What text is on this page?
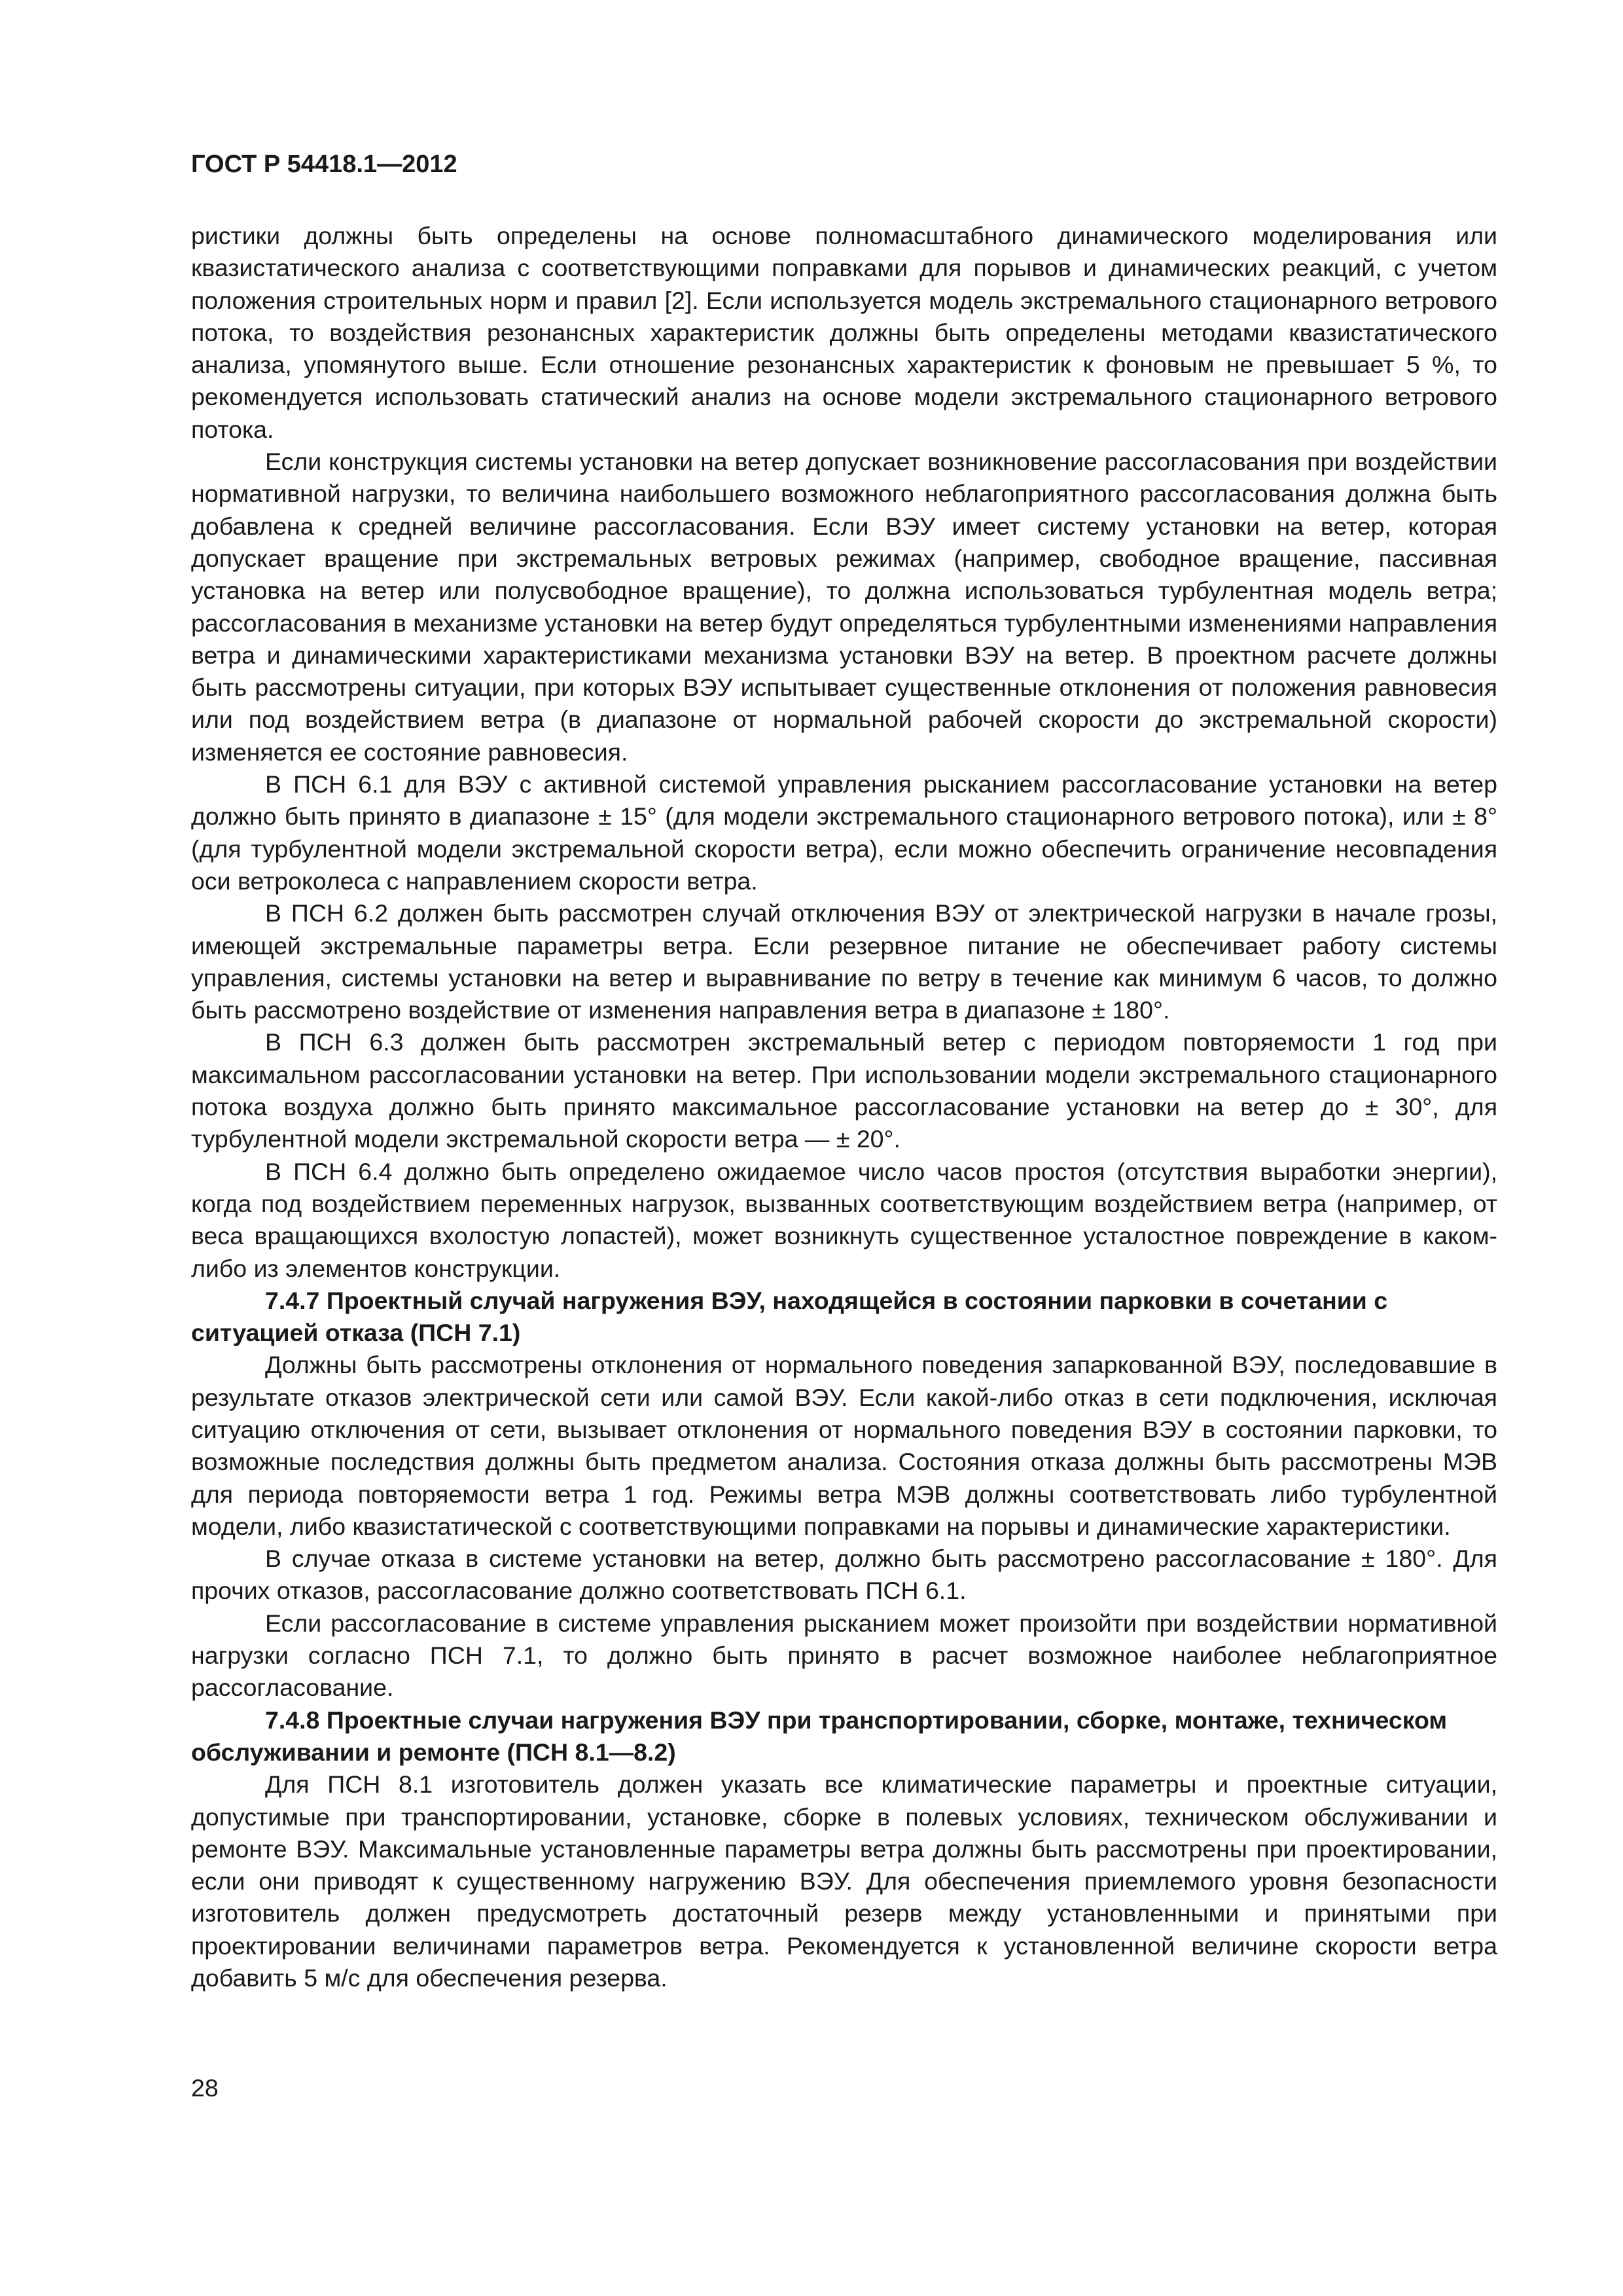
ГОСТ Р 54418.1—2012

ристики должны быть определены на основе полномасштабного динамического моделирования или квазистатического анализа с соответствующими поправками для порывов и динамических реакций, с учетом положения строительных норм и правил [2]. Если используется модель экстремального стационарного ветрового потока, то воздействия резонансных характеристик должны быть определены методами квазистатического анализа, упомянутого выше. Если отношение резонансных характеристик к фоновым не превышает 5 %, то рекомендуется использовать статический анализ на основе модели экстремального стационарного ветрового потока.

Если конструкция системы установки на ветер допускает возникновение рассогласования при воздействии нормативной нагрузки, то величина наибольшего возможного неблагоприятного рассогласования должна быть добавлена к средней величине рассогласования. Если ВЭУ имеет систему установки на ветер, которая допускает вращение при экстремальных ветровых режимах (например, свободное вращение, пассивная установка на ветер или полусвободное вращение), то должна использоваться турбулентная модель ветра; рассогласования в механизме установки на ветер будут определяться турбулентными изменениями направления ветра и динамическими характеристиками механизма установки ВЭУ на ветер. В проектном расчете должны быть рассмотрены ситуации, при которых ВЭУ испытывает существенные отклонения от положения равновесия или под воздействием ветра (в диапазоне от нормальной рабочей скорости до экстремальной скорости) изменяется ее состояние равновесия.

В ПСН 6.1 для ВЭУ с активной системой управления рысканием рассогласование установки на ветер должно быть принято в диапазоне ± 15° (для модели экстремального стационарного ветрового потока), или ± 8° (для турбулентной модели экстремальной скорости ветра), если можно обеспечить ограничение несовпадения оси ветроколеса с направлением скорости ветра.

В ПСН 6.2 должен быть рассмотрен случай отключения ВЭУ от электрической нагрузки в начале грозы, имеющей экстремальные параметры ветра. Если резервное питание не обеспечивает работу системы управления, системы установки на ветер и выравнивание по ветру в течение как минимум 6 часов, то должно быть рассмотрено воздействие от изменения направления ветра в диапазоне ± 180°.

В ПСН 6.3 должен быть рассмотрен экстремальный ветер с периодом повторяемости 1 год при максимальном рассогласовании установки на ветер. При использовании модели экстремального стационарного потока воздуха должно быть принято максимальное рассогласование установки на ветер до ± 30°, для турбулентной модели экстремальной скорости ветра — ± 20°.

В ПСН 6.4 должно быть определено ожидаемое число часов простоя (отсутствия выработки энергии), когда под воздействием переменных нагрузок, вызванных соответствующим воздействием ветра (например, от веса вращающихся вхолостую лопастей), может возникнуть существенное усталостное повреждение в каком-либо из элементов конструкции.

7.4.7 Проектный случай нагружения ВЭУ, находящейся в состоянии парковки в сочетании с ситуацией отказа (ПСН 7.1)

Должны быть рассмотрены отклонения от нормального поведения запаркованной ВЭУ, последовавшие в результате отказов электрической сети или самой ВЭУ. Если какой-либо отказ в сети подключения, исключая ситуацию отключения от сети, вызывает отклонения от нормального поведения ВЭУ в состоянии парковки, то возможные последствия должны быть предметом анализа. Состояния отказа должны быть рассмотрены МЭВ для периода повторяемости ветра 1 год. Режимы ветра МЭВ должны соответствовать либо турбулентной модели, либо квазистатической с соответствующими поправками на порывы и динамические характеристики.

В случае отказа в системе установки на ветер, должно быть рассмотрено рассогласование ± 180°. Для прочих отказов, рассогласование должно соответствовать ПСН 6.1.

Если рассогласование в системе управления рысканием может произойти при воздействии нормативной нагрузки согласно ПСН 7.1, то должно быть принято в расчет возможное наиболее неблагоприятное рассогласование.

7.4.8 Проектные случаи нагружения ВЭУ при транспортировании, сборке, монтаже, техническом обслуживании и ремонте (ПСН 8.1—8.2)

Для ПСН 8.1 изготовитель должен указать все климатические параметры и проектные ситуации, допустимые при транспортировании, установке, сборке в полевых условиях, техническом обслуживании и ремонте ВЭУ. Максимальные установленные параметры ветра должны быть рассмотрены при проектировании, если они приводят к существенному нагружению ВЭУ. Для обеспечения приемлемого уровня безопасности изготовитель должен предусмотреть достаточный резерв между установленными и принятыми при проектировании величинами параметров ветра. Рекомендуется к установленной величине скорости ветра добавить 5 м/с для обеспечения резерва.

28
